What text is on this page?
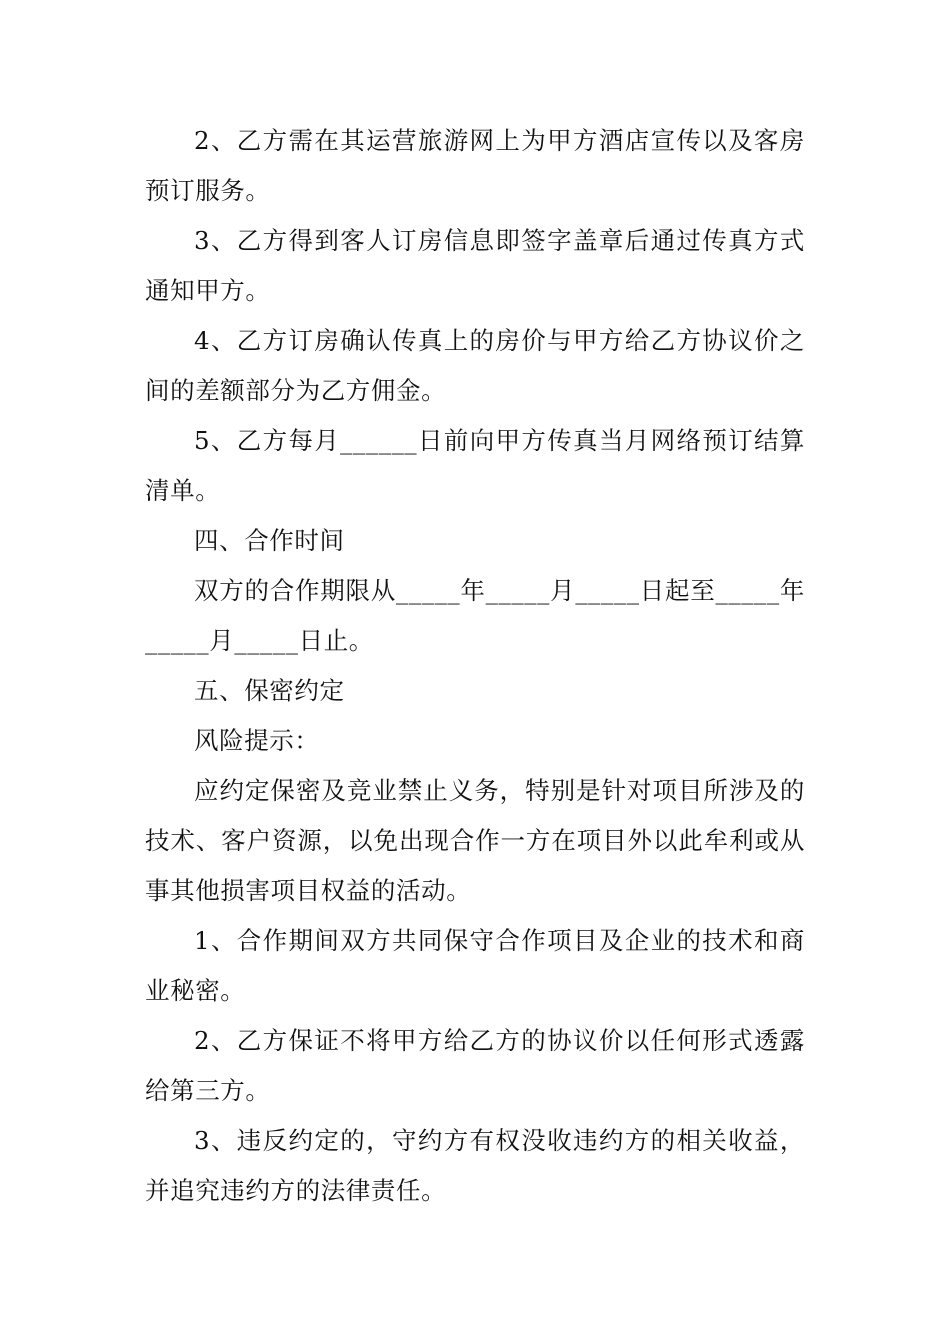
2、乙方需在其运营旅游网上为甲方酒店宣传以及客房预订服务。

3、乙方得到客人订房信息即签字盖章后通过传真方式通知甲方。

4、乙方订房确认传真上的房价与甲方给乙方协议价之间的差额部分为乙方佣金。

5、乙方每月______日前向甲方传真当月网络预订结算清单。

四、合作时间

双方的合作期限从_____年_____月_____日起至_____年_____月_____日止。

五、保密约定

风险提示：

应约定保密及竞业禁止义务，特别是针对项目所涉及的技术、客户资源，以免出现合作一方在项目外以此牟利或从事其他损害项目权益的活动。

1、合作期间双方共同保守合作项目及企业的技术和商业秘密。

2、乙方保证不将甲方给乙方的协议价以任何形式透露给第三方。

3、违反约定的，守约方有权没收违约方的相关收益，并追究违约方的法律责任。
